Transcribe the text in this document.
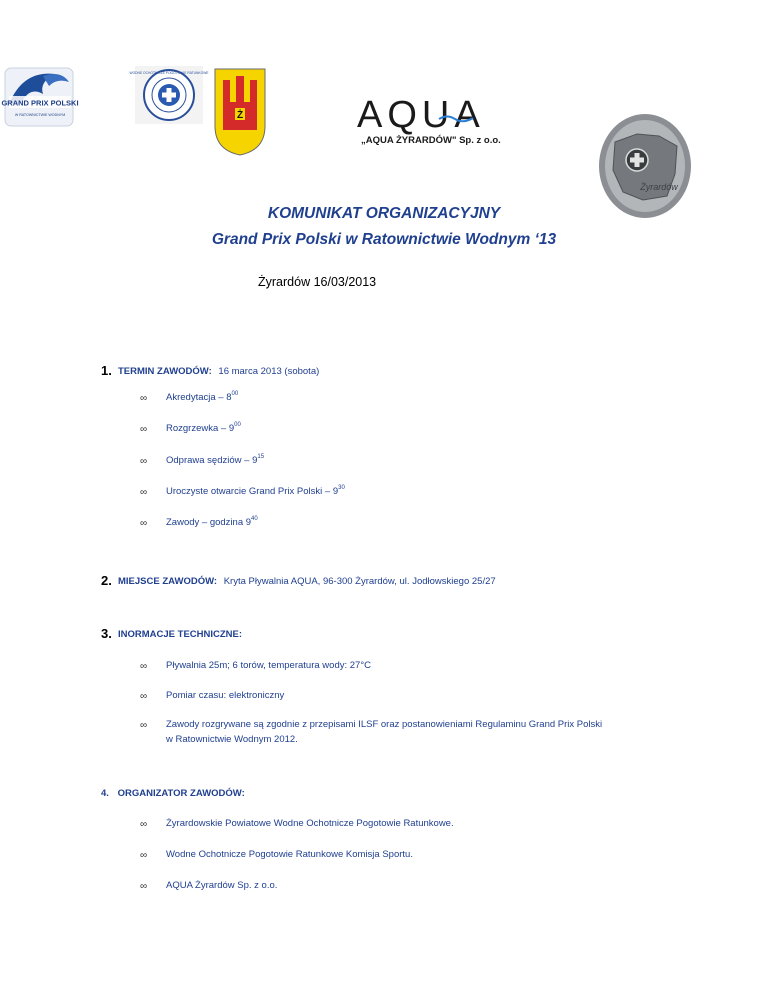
GRAND PRIX POLSKI
W RATOWNICTWIE WODNYM
WODNE OCHOTNICZE POGOTOWIE RATUNKOWE
Ż	AQUA
„AQUA ŻYRARDÓW" Sp. z o.o.
Żyrardów
KOMUNIKAT ORGANIZACYJNY
Grand Prix Polski w Ratownictwie Wodnym ‘13
Żyrardów 16/03/2013
1. TERMIN ZAWODÓW: 16 marca 2013 (sobota)
∞ Akredytacja – $8^{00}$
∞ Rozgrzewka – $9^{00}$
∞ Odprawa sędziów – $9^{15}$
∞ Uroczyste otwarcie Grand Prix Polski – $9^{30}$
∞ Zawody – godzina $9^{40}$
2. MIEJSCE ZAWODÓW: Kryta Pływalnia AQUA, 96-300 Żyrardów, ul. Jodłowskiego 25/27
3. INORMACJE TECHNICZNE:
∞ Pływalnia 25m; 6 torów, temperatura wody: 27°C
∞ Pomiar czasu: elektroniczny
∞ Zawody rozgrywane są zgodnie z przepisami ILSF oraz postanowieniami Regulaminu Grand Prix Polski
w Ratownictwie Wodnym 2012.
4. ORGANIZATOR ZAWODÓW:
∞ Żyrardowskie Powiatowe Wodne Ochotnicze Pogotowie Ratunkowe.
∞ Wodne Ochotnicze Pogotowie Ratunkowe Komisja Sportu.
∞ AQUA Żyrardów Sp. z o.o.
